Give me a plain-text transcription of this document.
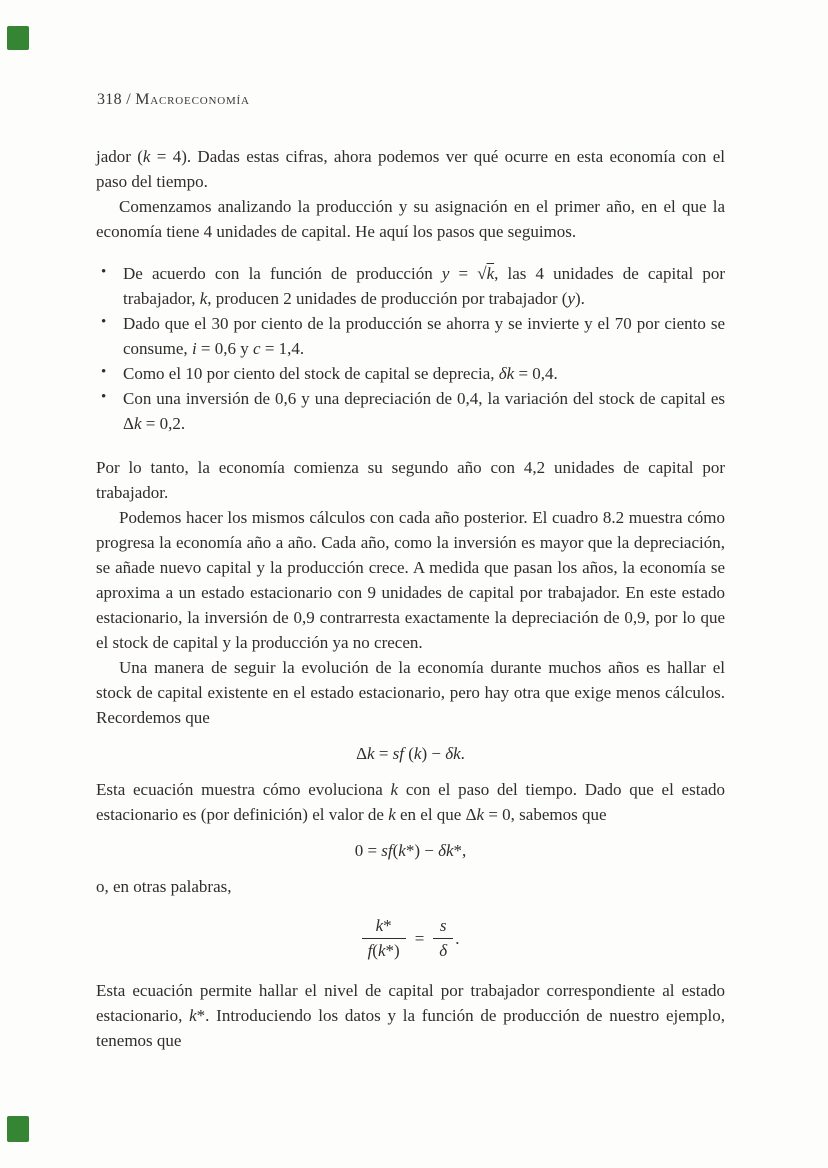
318 / Macroeconomía

jador (k = 4). Dadas estas cifras, ahora podemos ver qué ocurre en esta economía con el paso del tiempo.

Comenzamos analizando la producción y su asignación en el primer año, en el que la economía tiene 4 unidades de capital. He aquí los pasos que seguimos.

• De acuerdo con la función de producción y = √k, las 4 unidades de capital por trabajador, k, producen 2 unidades de producción por trabajador (y).
• Dado que el 30 por ciento de la producción se ahorra y se invierte y el 70 por ciento se consume, i = 0,6 y c = 1,4.
• Como el 10 por ciento del stock de capital se deprecia, δk = 0,4.
• Con una inversión de 0,6 y una depreciación de 0,4, la variación del stock de capital es Δk = 0,2.

Por lo tanto, la economía comienza su segundo año con 4,2 unidades de capital por trabajador.

Podemos hacer los mismos cálculos con cada año posterior. El cuadro 8.2 muestra cómo progresa la economía año a año. Cada año, como la inversión es mayor que la depreciación, se añade nuevo capital y la producción crece. A medida que pasan los años, la economía se aproxima a un estado estacionario con 9 unidades de capital por trabajador. En este estado estacionario, la inversión de 0,9 contrarresta exactamente la depreciación de 0,9, por lo que el stock de capital y la producción ya no crecen.

Una manera de seguir la evolución de la economía durante muchos años es hallar el stock de capital existente en el estado estacionario, pero hay otra que exige menos cálculos. Recordemos que

Δk = sf (k) − δk.

Esta ecuación muestra cómo evoluciona k con el paso del tiempo. Dado que el estado estacionario es (por definición) el valor de k en el que Δk = 0, sabemos que

0 = sf(k*) − δk*,

o, en otras palabras,

$\frac{k*}{f(k*)} = \frac{s}{\delta}$ .

Esta ecuación permite hallar el nivel de capital por trabajador correspondiente al estado estacionario, k*. Introduciendo los datos y la función de producción de nuestro ejemplo, tenemos que
